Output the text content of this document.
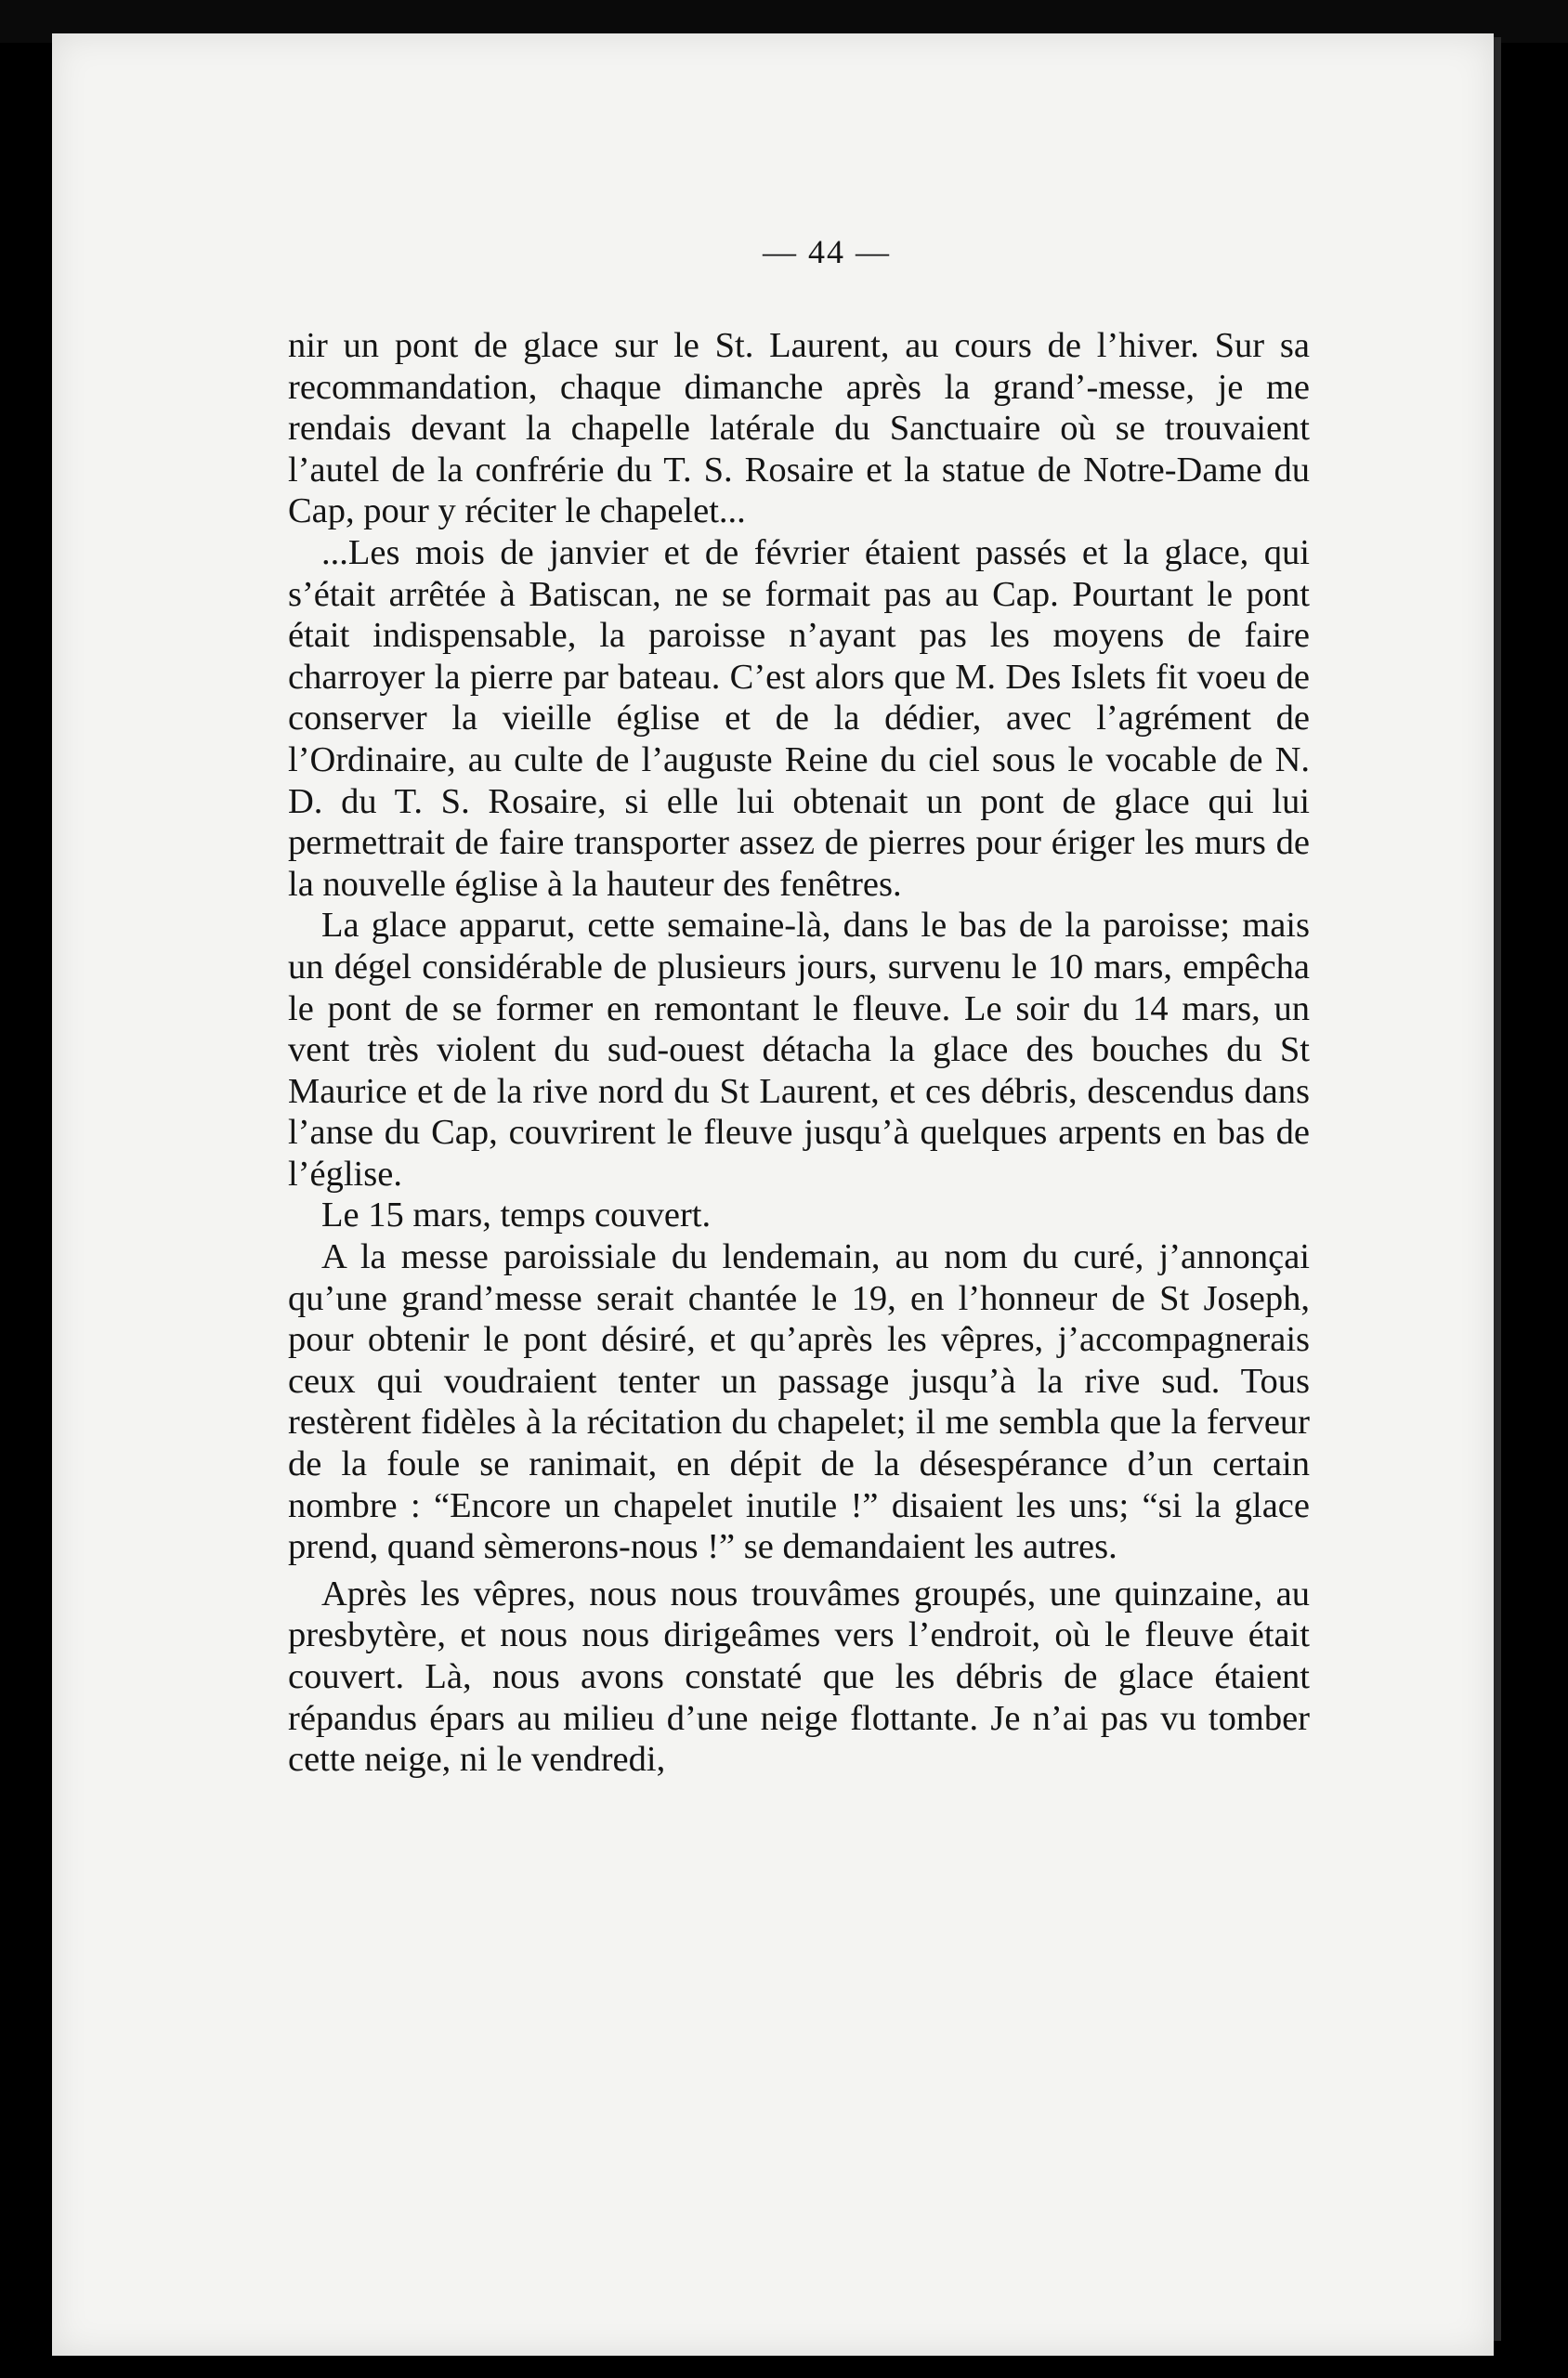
— 44 —

nir un pont de glace sur le St. Laurent, au cours de l’hiver. Sur sa recommandation, chaque dimanche après la grand’-messe, je me rendais devant la chapelle latérale du Sanctuaire où se trouvaient l’autel de la confrérie du T. S. Rosaire et la statue de Notre-Dame du Cap, pour y réciter le chapelet...

...Les mois de janvier et de février étaient passés et la glace, qui s’était arrêtée à Batiscan, ne se formait pas au Cap. Pourtant le pont était indispensable, la paroisse n’ayant pas les moyens de faire charroyer la pierre par bateau. C’est alors que M. Des Islets fit voeu de conserver la vieille église et de la dédier, avec l’agrément de l’Ordinaire, au culte de l’auguste Reine du ciel sous le vocable de N. D. du T. S. Rosaire, si elle lui obtenait un pont de glace qui lui permettrait de faire transporter assez de pierres pour ériger les murs de la nouvelle église à la hauteur des fenêtres.

La glace apparut, cette semaine-là, dans le bas de la paroisse; mais un dégel considérable de plusieurs jours, survenu le 10 mars, empêcha le pont de se former en remontant le fleuve. Le soir du 14 mars, un vent très violent du sud-ouest détacha la glace des bouches du St Maurice et de la rive nord du St Laurent, et ces débris, descendus dans l’anse du Cap, couvrirent le fleuve jusqu’à quelques arpents en bas de l’église.

Le 15 mars, temps couvert.

A la messe paroissiale du lendemain, au nom du curé, j’annonçai qu’une grand’messe serait chantée le 19, en l’honneur de St Joseph, pour obtenir le pont désiré, et qu’après les vêpres, j’accompagnerais ceux qui voudraient tenter un passage jusqu’à la rive sud. Tous restèrent fidèles à la récitation du chapelet; il me sembla que la ferveur de la foule se ranimait, en dépit de la désespérance d’un certain nombre : “Encore un chapelet inutile !” disaient les uns; “si la glace prend, quand sèmerons-nous !” se demandaient les autres.

Après les vêpres, nous nous trouvâmes groupés, une quinzaine, au presbytère, et nous nous dirigeâmes vers l’endroit, où le fleuve était couvert. Là, nous avons constaté que les débris de glace étaient répandus épars au milieu d’une neige flottante. Je n’ai pas vu tomber cette neige, ni le vendredi,
